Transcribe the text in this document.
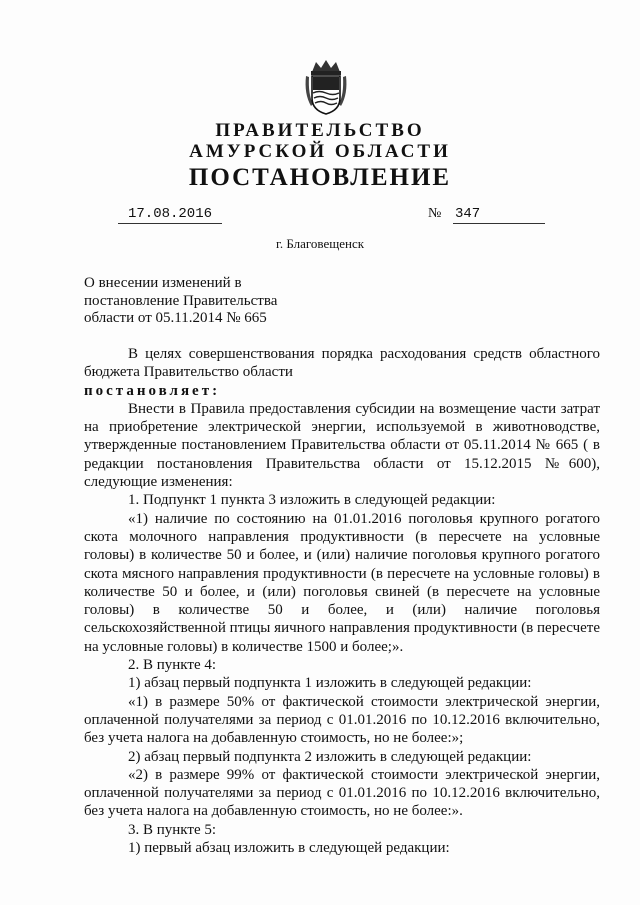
ПРАВИТЕЛЬСТВО
АМУРСКОЙ ОБЛАСТИ
ПОСТАНОВЛЕНИЕ
17.08.2016	№ 347
г. Благовещенск
О внесении изменений в
постановление Правительства
области от 05.11.2014 № 665

В целях совершенствования порядка расходования средств областного бюджета Правительство области

постановляет:

Внести в Правила предоставления субсидии на возмещение части затрат на приобретение электрической энергии, используемой в животноводстве, утвержденные постановлением Правительства области от 05.11.2014 № 665 ( в редакции постановления Правительства области от 15.12.2015 №600), следующие изменения:

1. Подпункт 1 пункта 3 изложить в следующей редакции:

«1) наличие по состоянию на 01.01.2016 поголовья крупного рогатого скота молочного направления продуктивности (в пересчете на условные головы) в количестве 50 и более, и (или) наличие поголовья крупного рогатого скота мясного направления продуктивности (в пересчете на условные головы) в количестве 50 и более, и (или) поголовья свиней (в пересчете на условные головы) в количестве 50 и более, и (или) наличие поголовья сельскохозяйственной птицы яичного направления продуктивности (в пересчете на условные головы) в количестве 1500 и более;».

2. В пункте 4:

1) абзац первый подпункта 1 изложить в следующей редакции:

«1) в размере 50% от фактической стоимости электрической энергии, оплаченной получателями за период с 01.01.2016 по 10.12.2016 включительно, без учета налога на добавленную стоимость, но не более:»;

2) абзац первый подпункта 2 изложить в следующей редакции:

«2) в размере 99% от фактической стоимости электрической энергии, оплаченной получателями за период с 01.01.2016 по 10.12.2016 включительно, без учета налога на добавленную стоимость, но не более:».

3. В пункте 5:

1) первый абзац изложить в следующей редакции:
